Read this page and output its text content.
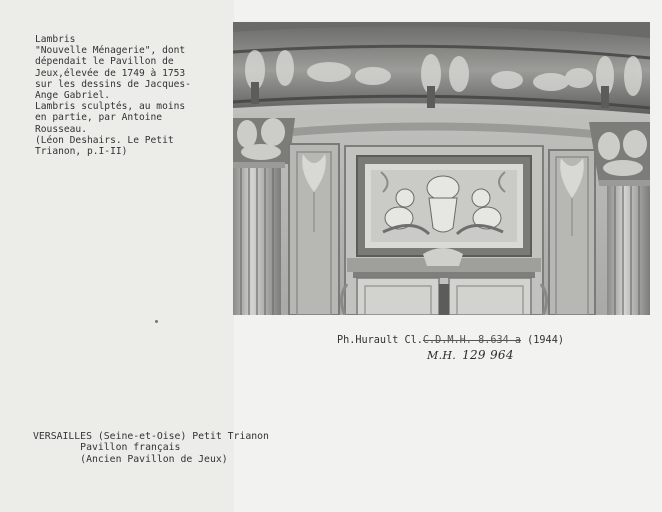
Lambris
"Nouvelle Ménagerie", dont
dépendait le Pavillon de
Jeux,élevée de 1749 à 1753
sur les dessins de Jacques-
Ange Gabriel.
Lambris sculptés, au moins
en partie, par Antoine
Rousseau.
(Léon Deshairs. Le Petit
Trianon, p.I-II)
Ph.Hurault Cl.C.D.M.H. 8.634 a (1944)
M.H. 129 964
VERSAILLES (Seine-et-Oise) Petit Trianon
Pavillon français
(Ancien Pavillon de Jeux)
